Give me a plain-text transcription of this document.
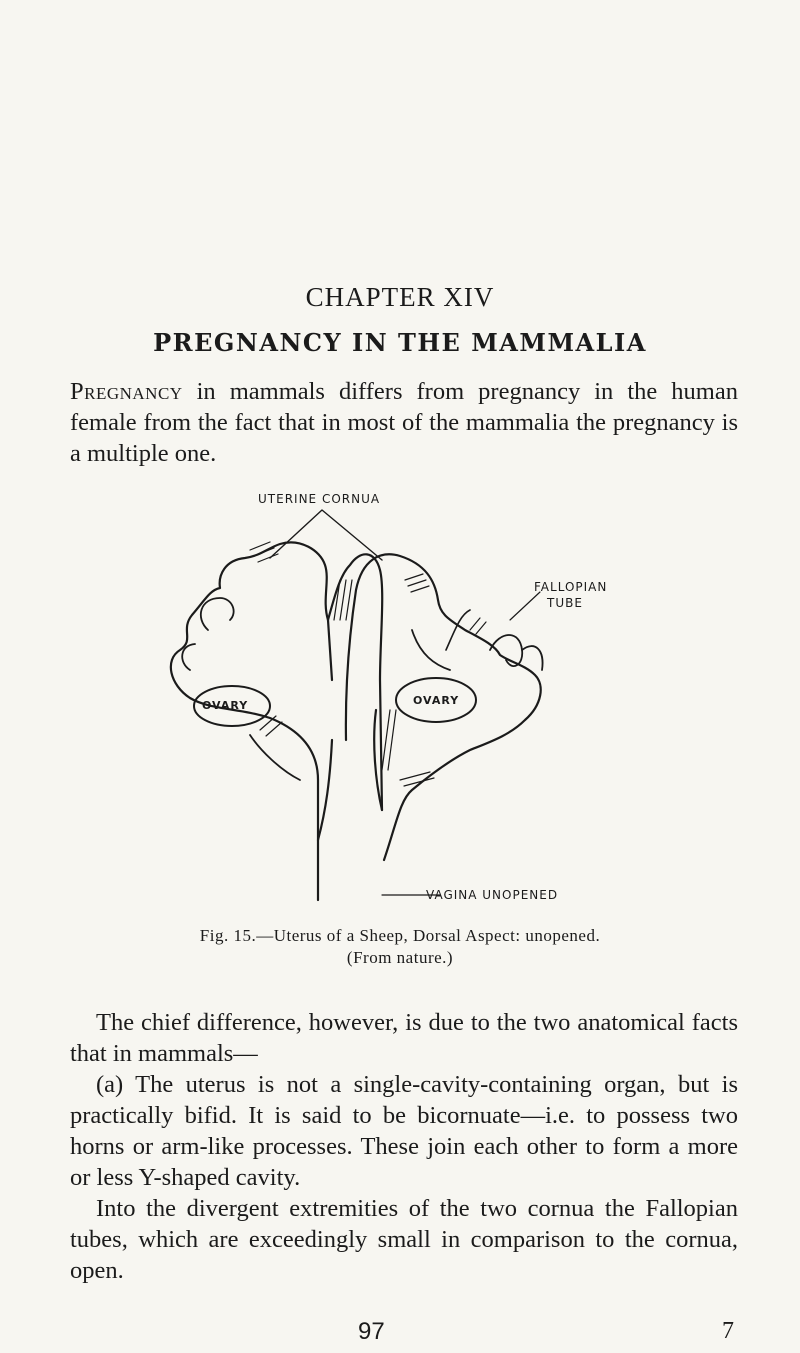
CHAPTER XIV
PREGNANCY IN THE MAMMALIA
Pregnancy in mammals differs from pregnancy in the human female from the fact that in most of the mammalia the pregnancy is a multiple one.
UTERINE CORNUA
FALLOPIAN
TUBE
OVARY	OVARY
VAGINA UNOPENED
Fig. 15.—Uterus of a Sheep, Dorsal Aspect: unopened.
(From nature.)
The chief difference, however, is due to the two anatomical facts that in mammals—
(a) The uterus is not a single-cavity-containing organ, but is practically bifid. It is said to be bicornuate—i.e. to possess two horns or arm-like processes. These join each other to form a more or less Y-shaped cavity.
Into the divergent extremities of the two cornua the Fallopian tubes, which are exceedingly small in comparison to the cornua, open.
97	7
